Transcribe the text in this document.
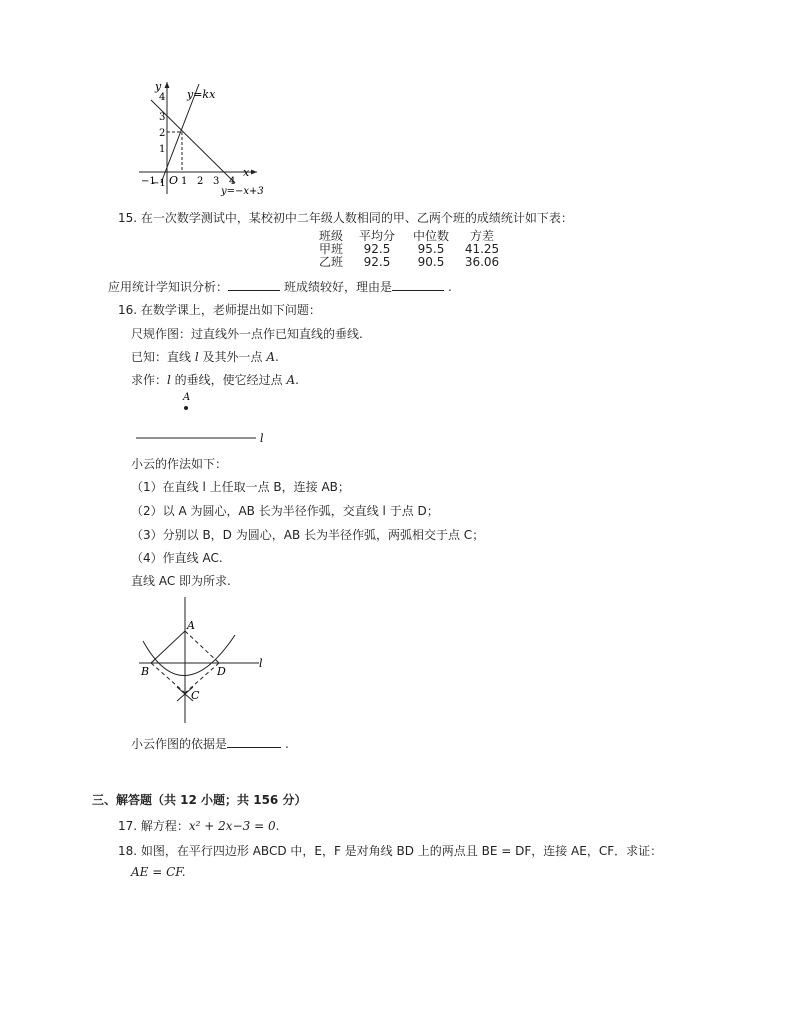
y
x
O
y=kx
y=−x+3
4
3
2
1
−1
−1	1 2 3 4
15. 在一次数学测试中，某校初中二年级人数相同的甲、乙两个班的成绩统计如下表：
班级	平均分	中位数	方差
甲班	92.5	95.5	41.25
乙班	92.5	90.5	36.06
应用统计学知识分析：	班成绩较好，理由是	.
16. 在数学课上，老师提出如下问题：
尺规作图：过直线外一点作已知直线的垂线.
已知：直线 l 及其外一点 A.
求作：l 的垂线，使它经过点 A.
A
l
小云的作法如下：
（1）在直线 l 上任取一点 B，连接 AB；
（2）以 A 为圆心，AB 长为半径作弧，交直线 l 于点 D；
（3）分别以 B，D 为圆心，AB 长为半径作弧，两弧相交于点 C；
（4）作直线 AC.
直线 AC 即为所求.
A
B	D
C
l
小云作图的依据是	.
三、解答题（共 12 小题；共 156 分）
17. 解方程：x² + 2x−3 = 0.
18. 如图，在平行四边形 ABCD 中，E，F 是对角线 BD 上的两点且 BE = DF，连接 AE，CF．求证：
AE = CF.
